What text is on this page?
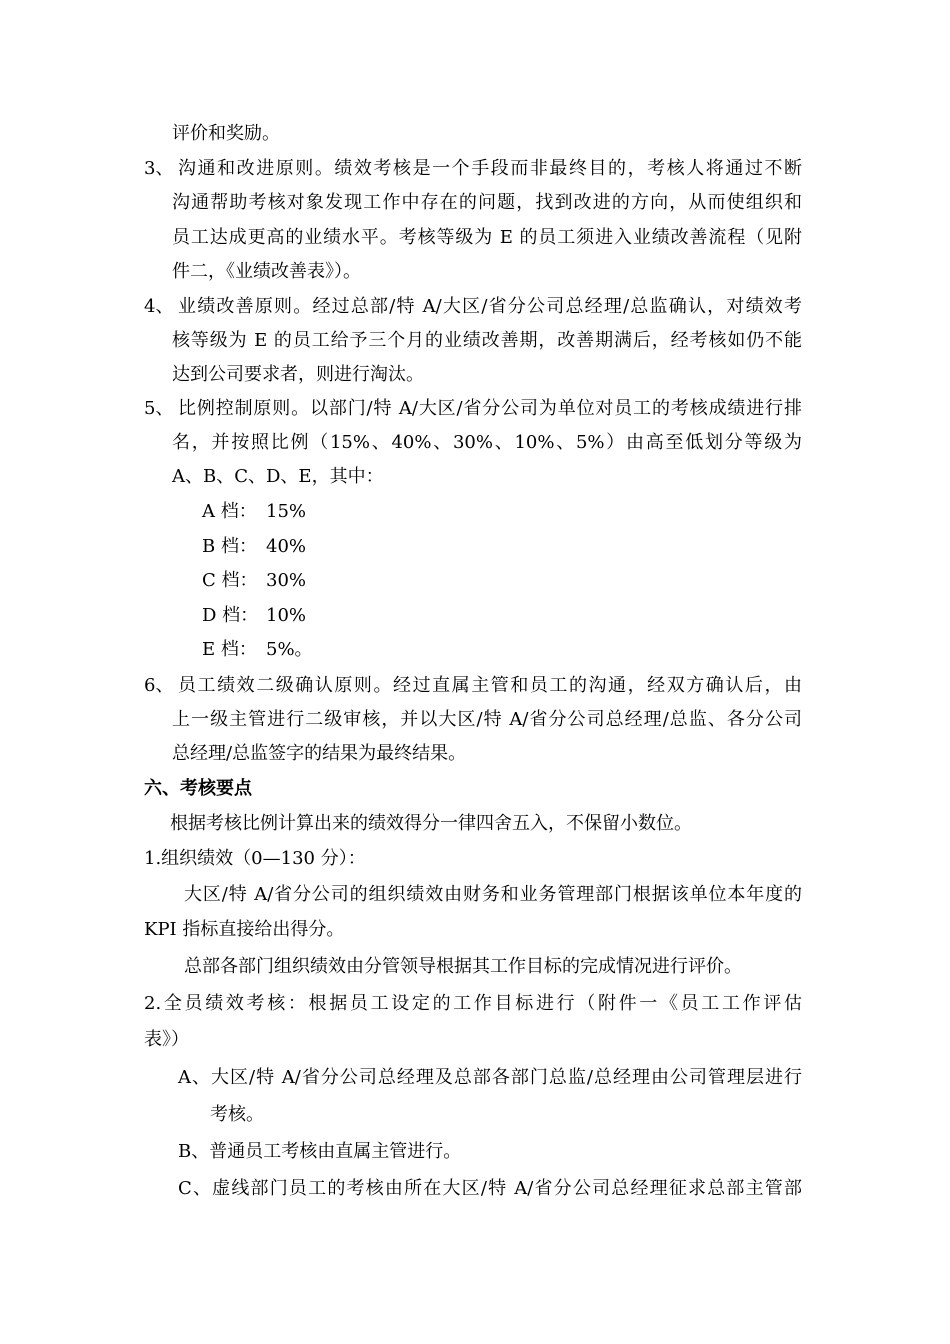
评价和奖励。
3、 沟通和改进原则。绩效考核是一个手段而非最终目的，考核人将通过不断
沟通帮助考核对象发现工作中存在的问题，找到改进的方向，从而使组织和
员工达成更高的业绩水平。考核等级为 E 的员工须进入业绩改善流程（见附
件二，《业绩改善表》）。
4、 业绩改善原则。经过总部/特 A/大区/省分公司总经理/总监确认，对绩效考
核等级为 E 的员工给予三个月的业绩改善期，改善期满后，经考核如仍不能
达到公司要求者，则进行淘汰。
5、 比例控制原则。以部门/特 A/大区/省分公司为单位对员工的考核成绩进行排
名，并按照比例（15%、40%、30%、10%、5%）由高至低划分等级为
A、B、C、D、E，其中：
A 档： 15%
B 档： 40%
C 档： 30%
D 档： 10%
E 档： 5%。
6、 员工绩效二级确认原则。经过直属主管和员工的沟通，经双方确认后，由
上一级主管进行二级审核，并以大区/特 A/省分公司总经理/总监、各分公司
总经理/总监签字的结果为最终结果。
六、考核要点
根据考核比例计算出来的绩效得分一律四舍五入，不保留小数位。
1.组织绩效（0—130 分）：
大区/特 A/省分公司的组织绩效由财务和业务管理部门根据该单位本年度的
KPI 指标直接给出得分。
总部各部门组织绩效由分管领导根据其工作目标的完成情况进行评价。
2.全员绩效考核：根据员工设定的工作目标进行（附件一《员工工作评估
表》）
A、大区/特 A/省分公司总经理及总部各部门总监/总经理由公司管理层进行
考核。
B、普通员工考核由直属主管进行。
C、虚线部门员工的考核由所在大区/特 A/省分公司总经理征求总部主管部
